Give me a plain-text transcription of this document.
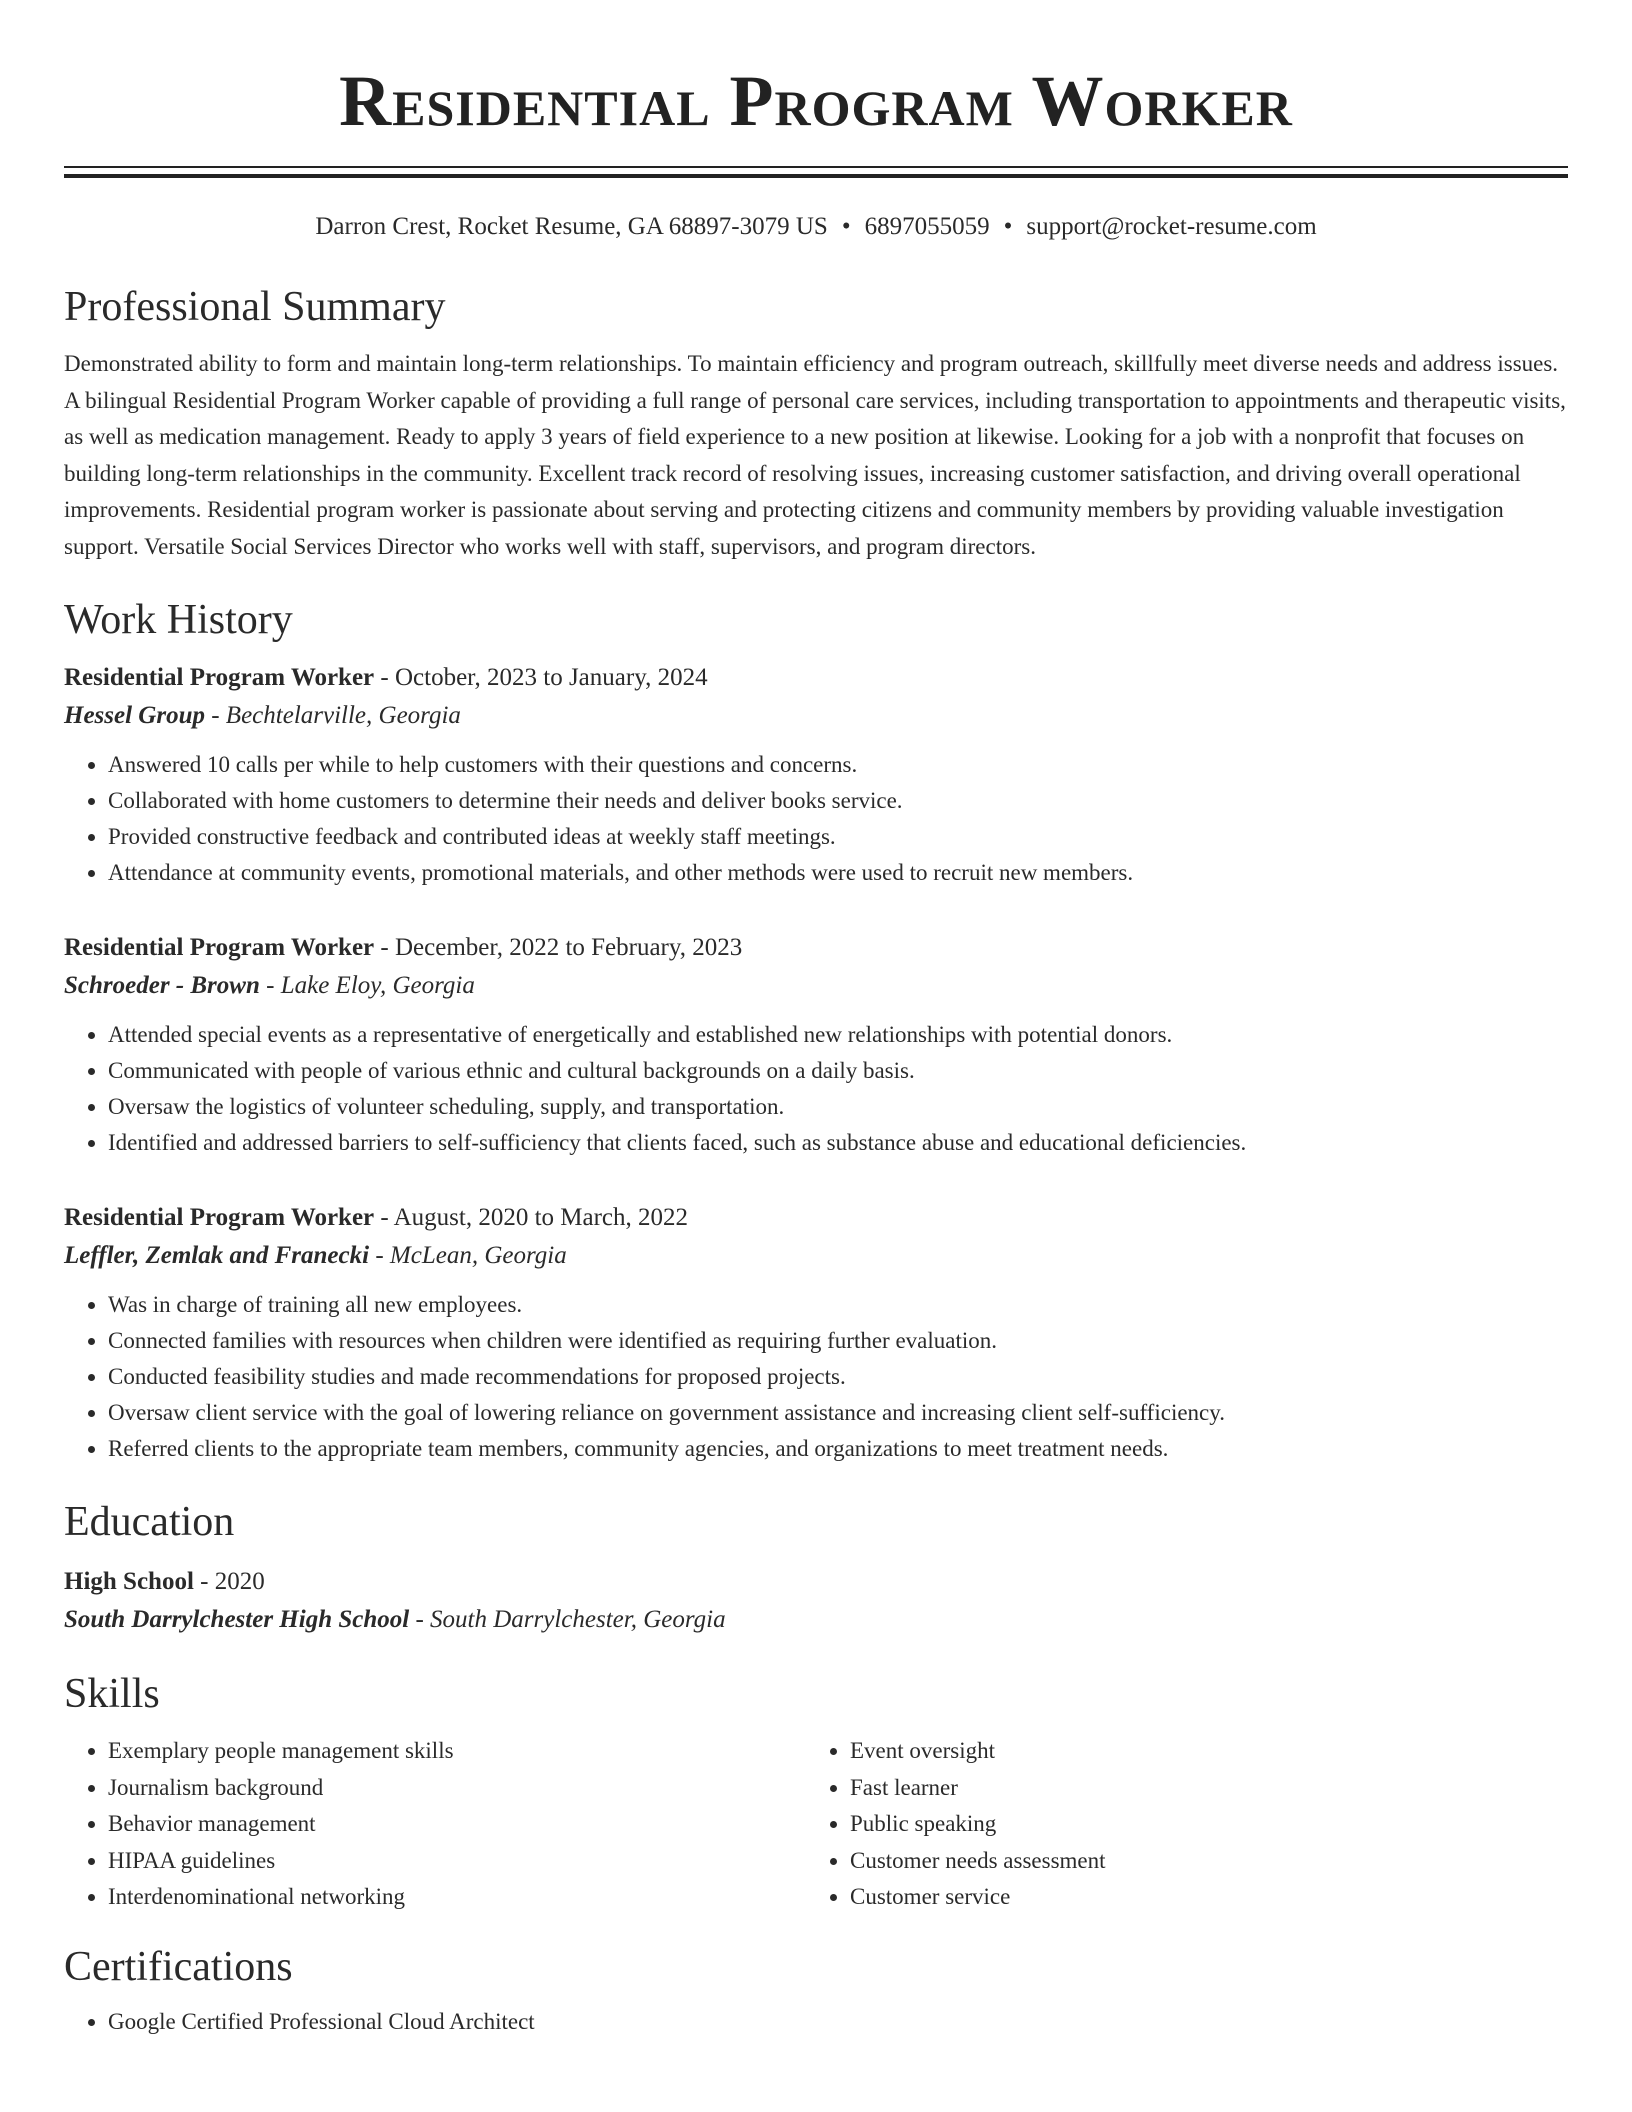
Residential Program Worker
Darron Crest, Rocket Resume, GA 68897-3079 US • 6897055059 • support@rocket-resume.com
Professional Summary
Demonstrated ability to form and maintain long-term relationships. To maintain efficiency and program outreach, skillfully meet diverse needs and address issues. A bilingual Residential Program Worker capable of providing a full range of personal care services, including transportation to appointments and therapeutic visits, as well as medication management. Ready to apply 3 years of field experience to a new position at likewise. Looking for a job with a nonprofit that focuses on building long-term relationships in the community. Excellent track record of resolving issues, increasing customer satisfaction, and driving overall operational improvements. Residential program worker is passionate about serving and protecting citizens and community members by providing valuable investigation support. Versatile Social Services Director who works well with staff, supervisors, and program directors.
Work History
Residential Program Worker - October, 2023 to January, 2024
Hessel Group - Bechtelarville, Georgia
• Answered 10 calls per while to help customers with their questions and concerns.
• Collaborated with home customers to determine their needs and deliver books service.
• Provided constructive feedback and contributed ideas at weekly staff meetings.
• Attendance at community events, promotional materials, and other methods were used to recruit new members.
Residential Program Worker - December, 2022 to February, 2023
Schroeder - Brown - Lake Eloy, Georgia
• Attended special events as a representative of energetically and established new relationships with potential donors.
• Communicated with people of various ethnic and cultural backgrounds on a daily basis.
• Oversaw the logistics of volunteer scheduling, supply, and transportation.
• Identified and addressed barriers to self-sufficiency that clients faced, such as substance abuse and educational deficiencies.
Residential Program Worker - August, 2020 to March, 2022
Leffler, Zemlak and Franecki - McLean, Georgia
• Was in charge of training all new employees.
• Connected families with resources when children were identified as requiring further evaluation.
• Conducted feasibility studies and made recommendations for proposed projects.
• Oversaw client service with the goal of lowering reliance on government assistance and increasing client self-sufficiency.
• Referred clients to the appropriate team members, community agencies, and organizations to meet treatment needs.
Education
High School - 2020
South Darrylchester High School - South Darrylchester, Georgia
Skills
• Exemplary people management skills
• Journalism background
• Behavior management
• HIPAA guidelines
• Interdenominational networking
• Event oversight
• Fast learner
• Public speaking
• Customer needs assessment
• Customer service
Certifications
• Google Certified Professional Cloud Architect
